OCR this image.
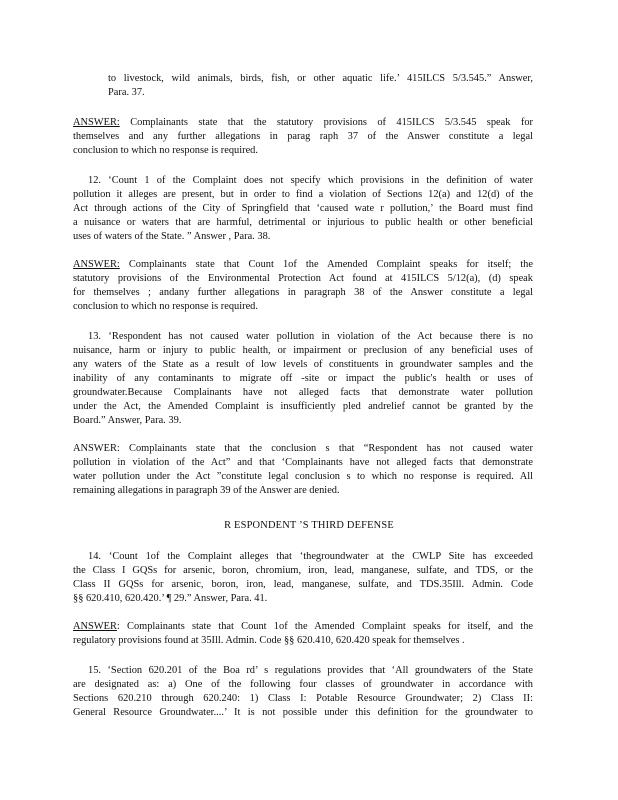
to livestock, wild animals, birds, fish, or other aquatic life.’ 415ILCS 5/3.545.” Answer,
Para. 37.
ANSWER: Complainants state that the statutory provisions of 415ILCS 5/3.545 speak for
themselves and any further allegations in parag raph 37 of the Answer constitute a legal
conclusion to which no response is required.
12. ‘Count 1 of the Complaint does not specify which provisions in the definition of water
pollution it alleges are present, but in order to find a violation of Sections 12(a) and 12(d) of the
Act through actions of the City of Springfield that ‘caused wate r pollution,’ the Board must find
a nuisance or waters that are harmful, detrimental or injurious to public health or other beneficial
uses of waters of the State. ” Answer , Para. 38.
ANSWER: Complainants state that Count 1of the Amended Complaint speaks for itself; the
statutory provisions of the Environmental Protection Act found at 415ILCS 5/12(a), (d) speak
for themselves ; andany further allegations in paragraph 38 of the Answer constitute a legal
conclusion to which no response is required.
13. ‘Respondent has not caused water pollution in violation of the Act because there is no
nuisance, harm or injury to public health, or impairment or preclusion of any beneficial uses of
any waters of the State as a result of low levels of constituents in groundwater samples and the
inability of any contaminants to migrate off -site or impact the public's health or uses of
groundwater.Because Complainants have not alleged facts that demonstrate water pollution
under the Act, the Amended Complaint is insufficiently pled andrelief cannot be granted by the
Board.” Answer, Para. 39.
ANSWER: Complainants state that the conclusion s that “Respondent has not caused water
pollution in violation of the Act” and that ‘Complainants have not alleged facts that demonstrate
water pollution under the Act ”constitute legal conclusion s to which no response is required. All
remaining allegations in paragraph 39 of the Answer are denied.
R ESPONDENT ’S THIRD DEFENSE
14. ‘Count 1of the Complaint alleges that ‘thegroundwater at the CWLP Site has exceeded
the Class I GQSs for arsenic, boron, chromium, iron, lead, manganese, sulfate, and TDS, or the
Class II GQSs for arsenic, boron, iron, lead, manganese, sulfate, and TDS.35Ill. Admin. Code
§§ 620.410, 620.420.’ ¶ 29.” Answer, Para. 41.
ANSWER: Complainants state that Count 1of the Amended Complaint speaks for itself, and the
regulatory provisions found at 35Ill. Admin. Code §§ 620.410, 620.420 speak for themselves .
15. ‘Section 620.201 of the Boa rd’ s regulations provides that ‘All groundwaters of the State
are designated as: a) One of the following four classes of groundwater in accordance with
Sections 620.210 through 620.240: 1) Class I: Potable Resource Groundwater; 2) Class II:
General Resource Groundwater....’ It is not possible under this definition for the groundwater to
